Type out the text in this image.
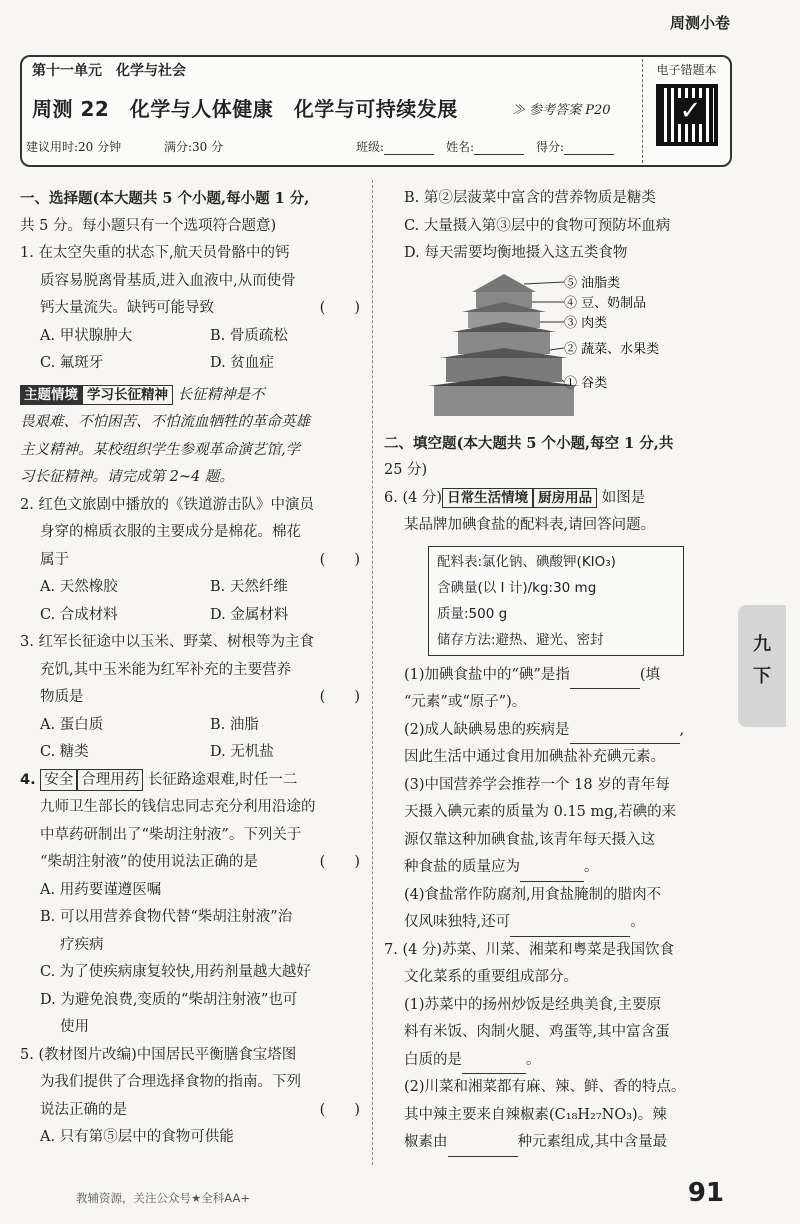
周测小卷
第十一单元　化学与社会
周测 22　化学与人体健康　化学与可持续发展	≫ 参考答案 P20
建议用时:20 分钟	满分:30 分	班级:	姓名:	得分:
电子错题本
✓
一、选择题(本大题共 5 个小题,每小题 1 分,
共 5 分。每小题只有一个选项符合题意)
1. 在太空失重的状态下,航天员骨骼中的钙
质容易脱离骨基质,进入血液中,从而使骨
钙大量流失。缺钙可能导致	(　　)
A. 甲状腺肿大	B. 骨质疏松
C. 氟斑牙	D. 贫血症
主题情境 学习长征精神 长征精神是不
畏艰难、不怕困苦、不怕流血牺牲的革命英雄
主义精神。某校组织学生参观革命演艺馆,学
习长征精神。请完成第 2~4 题。
2. 红色文旅剧中播放的《铁道游击队》中演员
身穿的棉质衣服的主要成分是棉花。棉花
属于	(　　)
A. 天然橡胶	B. 天然纤维
C. 合成材料	D. 金属材料
3. 红军长征途中以玉米、野菜、树根等为主食
充饥,其中玉米能为红军补充的主要营养
物质是	(　　)
A. 蛋白质	B. 油脂
C. 糖类	D. 无机盐
4. 安全 合理用药 长征路途艰难,时任一二
九师卫生部长的钱信忠同志充分利用沿途的
中草药研制出了“柴胡注射液”。下列关于
“柴胡注射液”的使用说法正确的是	(　　)
A. 用药要谨遵医嘱
B. 可以用营养食物代替“柴胡注射液”治
疗疾病
C. 为了使疾病康复较快,用药剂量越大越好
D. 为避免浪费,变质的“柴胡注射液”也可
使用
5. (教材图片改编)中国居民平衡膳食宝塔图
为我们提供了合理选择食物的指南。下列
说法正确的是	(　　)
A. 只有第⑤层中的食物可供能
B. 第②层菠菜中富含的营养物质是糖类
C. 大量摄入第③层中的食物可预防坏血病
D. 每天需要均衡地摄入这五类食物
⑤ 油脂类
④ 豆、奶制品
③ 肉类
② 蔬菜、水果类
① 谷类
二、填空题(本大题共 5 个小题,每空 1 分,共
25 分)
6. (4 分) 日常生活情境 厨房用品 如图是
某品牌加碘食盐的配料表,请回答问题。
配料表:氯化钠、碘酸钾(KIO₃)
含碘量(以 I 计)/kg:30 mg
质量:500 g
储存方法:避热、避光、密封
(1)加碘食盐中的“碘”是指	(填
“元素”或“原子”)。
(2)成人缺碘易患的疾病是	,
因此生活中通过食用加碘盐补充碘元素。
(3)中国营养学会推荐一个 18 岁的青年每
天摄入碘元素的质量为 0.15 mg,若碘的来
源仅靠这种加碘食盐,该青年每天摄入这
种食盐的质量应为	。
(4)食盐常作防腐剂,用食盐腌制的腊肉不
仅风味独特,还可	。
7. (4 分)苏菜、川菜、湘菜和粤菜是我国饮食
文化菜系的重要组成部分。
(1)苏菜中的扬州炒饭是经典美食,主要原
料有米饭、肉制火腿、鸡蛋等,其中富含蛋
白质的是	。
(2)川菜和湘菜都有麻、辣、鲜、香的特点。
其中辣主要来自辣椒素(C₁₈H₂₇NO₃)。辣
椒素由	种元素组成,其中含量最
九
下
教辅资源，关注公众号★全科AA+	91
